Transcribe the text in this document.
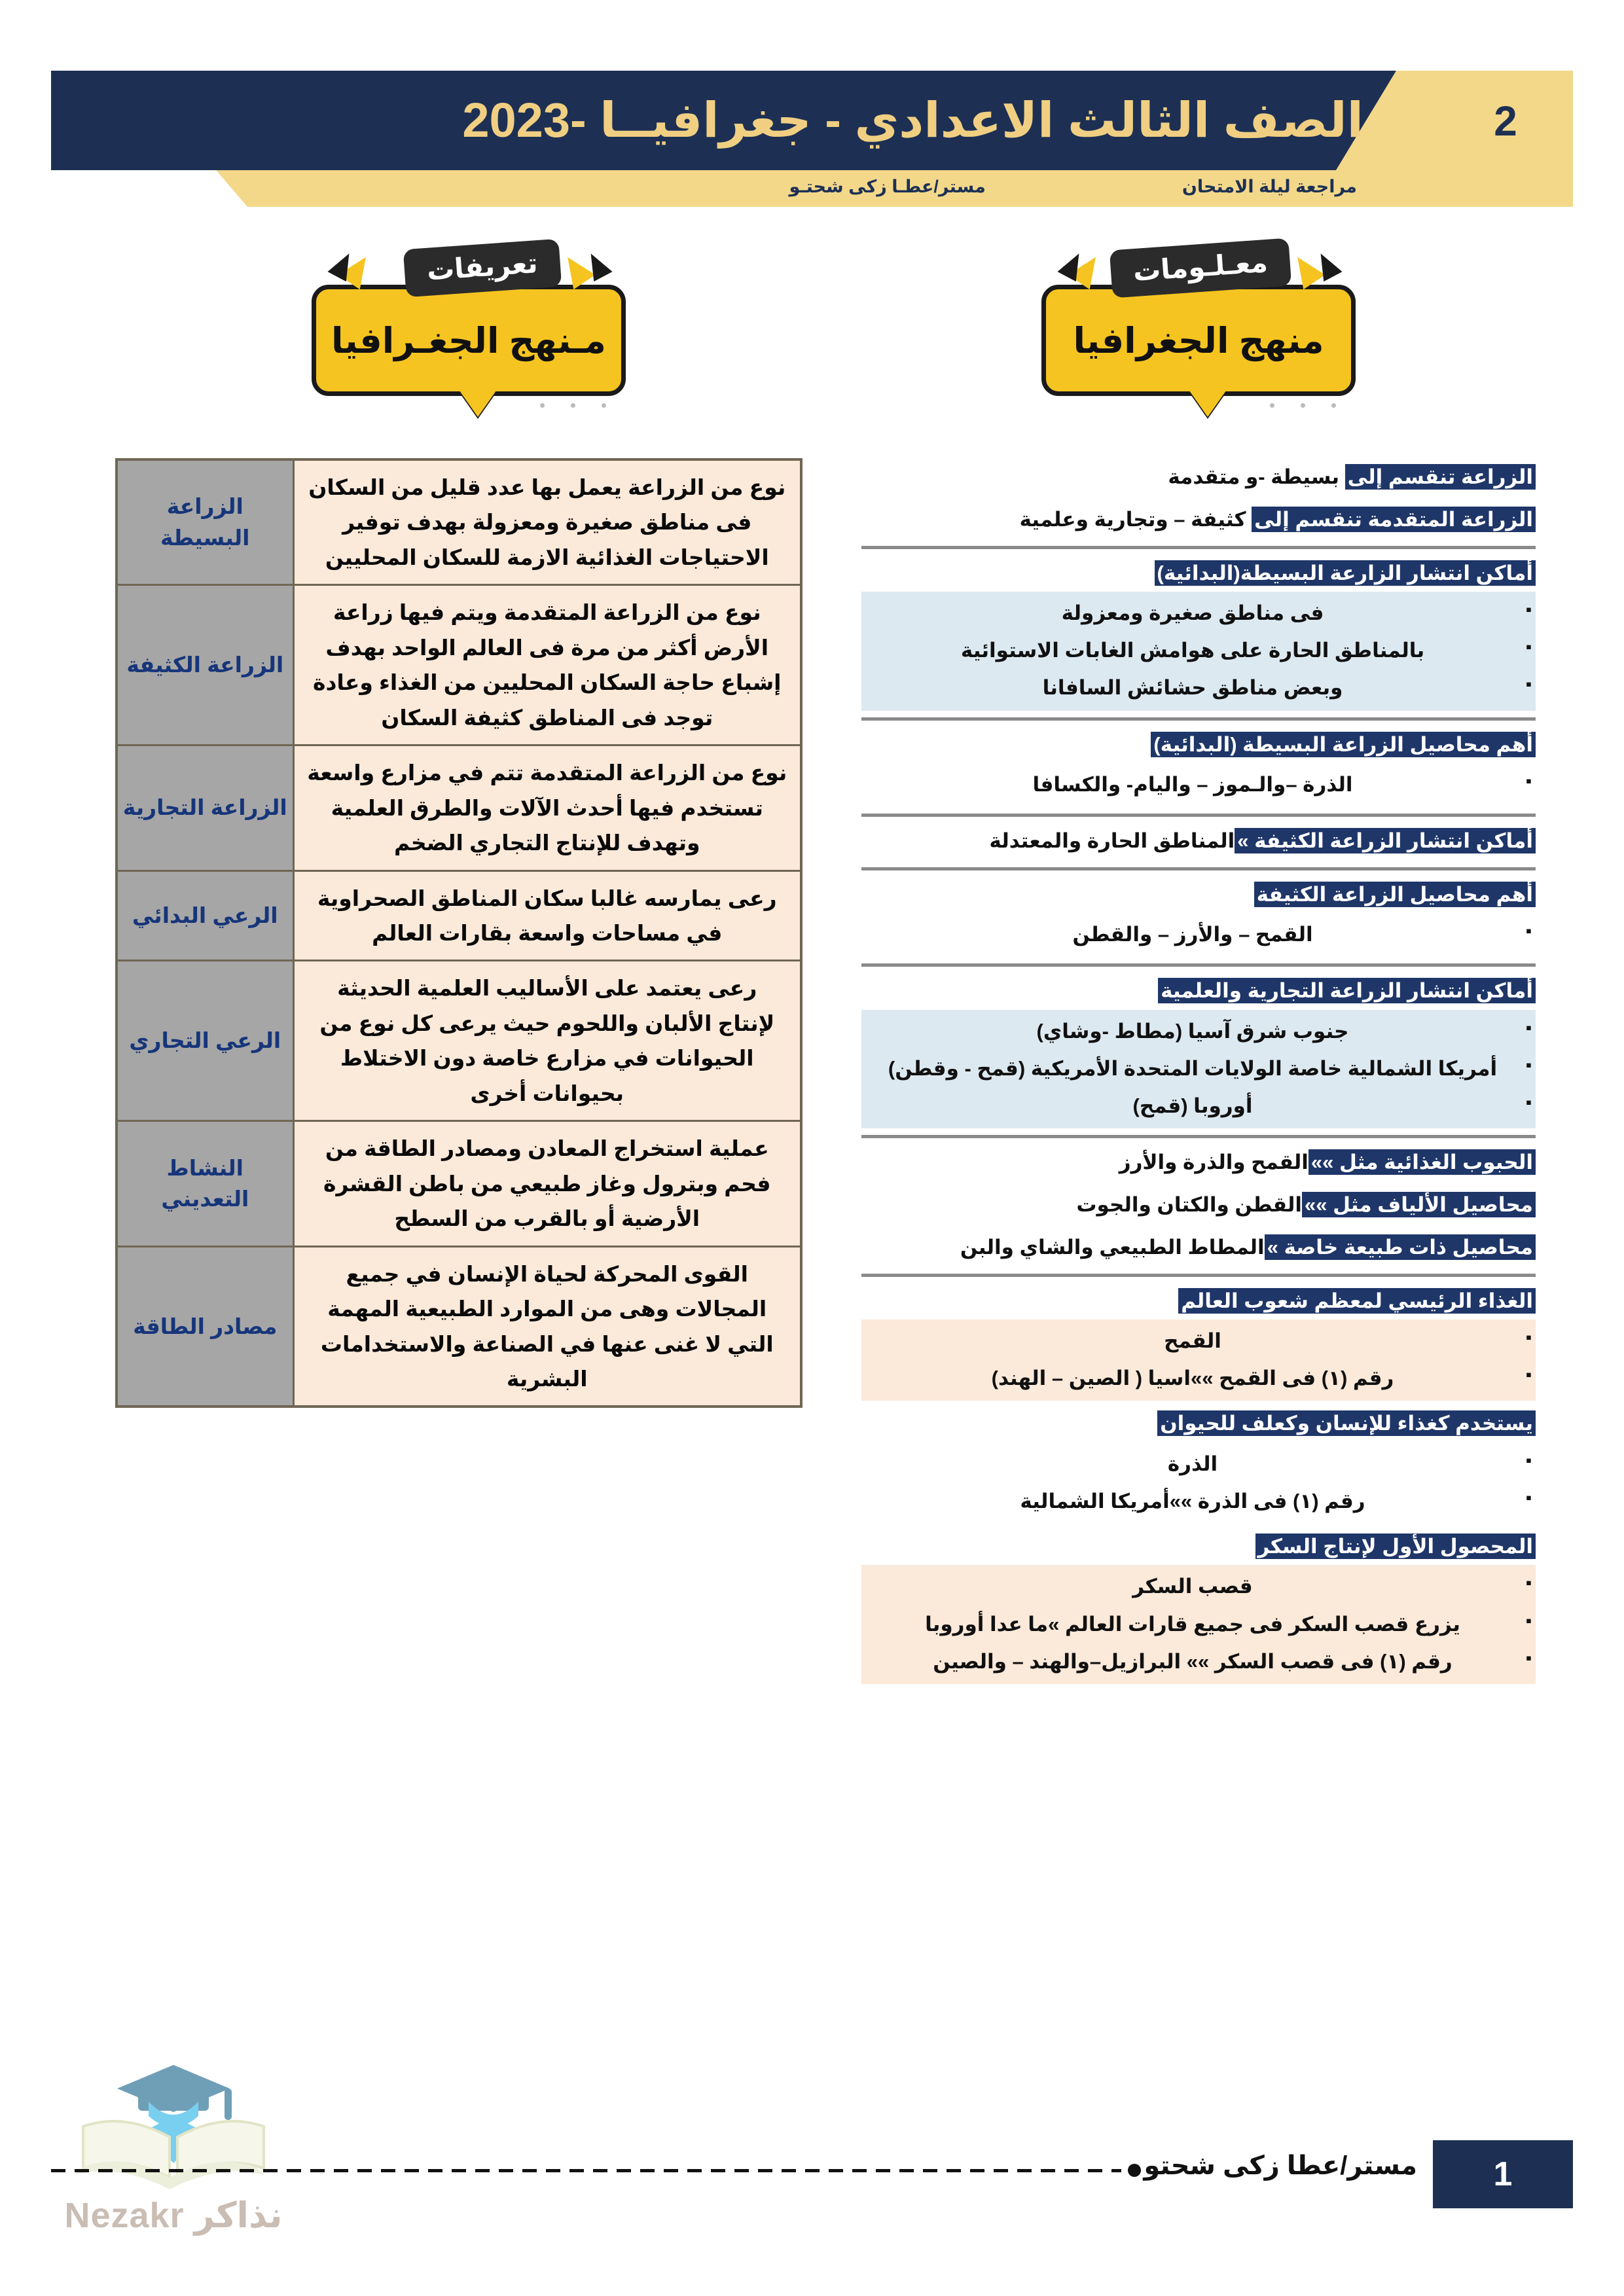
الصف الثالث الاعدادي - جغرافيــا -2023	2
مراجعة ليلة الامتحان
مستر/عطـا زكى شحتـو
تعريفات
مـنهج الجغـرافيا
معـلـومات
منهج الجغرافيا
نوع من الزراعة يعمل بها عدد قليل من السكان فى مناطق صغيرة ومعزولة بهدف توفير الاحتياجات الغذائية الازمة للسكان المحليين	الزراعة البسيطة
نوع من الزراعة المتقدمة ويتم فيها زراعة الأرض أكثر من مرة فى العالم الواحد بهدف إشباع حاجة السكان المحليين من الغذاء وعادة توجد فى المناطق كثيفة السكان	الزراعة الكثيفة
نوع من الزراعة المتقدمة تتم في مزارع واسعة تستخدم فيها أحدث الآلات والطرق العلمية وتهدف للإنتاج التجاري الضخم	الزراعة التجارية
رعى يمارسه غالبا سكان المناطق الصحراوية في مساحات واسعة بقارات العالم	الرعي البدائي
رعى يعتمد على الأساليب العلمية الحديثة لإنتاج الألبان واللحوم حيث يرعى كل نوع من الحيوانات في مزارع خاصة دون الاختلاط بحيوانات أخرى	الرعي التجاري
عملية استخراج المعادن ومصادر الطاقة من فحم وبترول وغاز طبيعي من باطن القشرة الأرضية أو بالقرب من السطح	النشاط التعديني
القوى المحركة لحياة الإنسان في جميع المجالات وهى من الموارد الطبيعية المهمة التي لا غنى عنها في الصناعة والاستخدامات البشرية	مصادر الطاقة
الزراعة تنقسم إلى بسيطة -و متقدمة
الزراعة المتقدمة تنقسم إلى كثيفة – وتجارية وعلمية
أماكن انتشار الزارعة البسيطة(البدائية)
▪ فى مناطق صغيرة ومعزولة
▪ بالمناطق الحارة على هوامش الغابات الاستوائية
▪ وبعض مناطق حشائش السافانا
أهم محاصيل الزراعة البسيطة (البدائية)
▪ الذرة –والـموز – واليام- والكسافا
أماكن انتشار الزراعة الكثيفة »المناطق الحارة والمعتدلة
أهم محاصيل الزراعة الكثيفة
▪ القمح – والأرز – والقطن
أماكن انتشار الزراعة التجارية والعلمية
▪ جنوب شرق آسيا (مطاط -وشاي)
▪ أمريكا الشمالية خاصة الولايات المتحدة الأمريكية (قمح - وقطن)
▪ أوروبا (قمح)
الحبوب الغذائية مثل »»القمح والذرة والأرز
محاصيل الألياف مثل »»القطن والكتان والجوت
محاصيل ذات طبيعة خاصة »المطاط الطبيعي والشاي والبن
الغذاء الرئيسي لمعظم شعوب العالم
▪ القمح
▪ رقم (١) فى القمح »»اسيا ( الصين – الهند)
يستخدم كغذاء للإنسان وكعلف للحيوان
▪ الذرة
▪ رقم (١) فى الذرة »»أمريكا الشمالية
المحصول الأول لإنتاج السكر
▪ قصب السكر
▪ يزرع قصب السكر فى جميع قارات العالم »ما عدا أوروبا
▪ رقم (١) فى قصب السكر »» البرازيل–والهند – والصين
نذاكر Nezakr
1
مستر/عطا زكى شحتو
